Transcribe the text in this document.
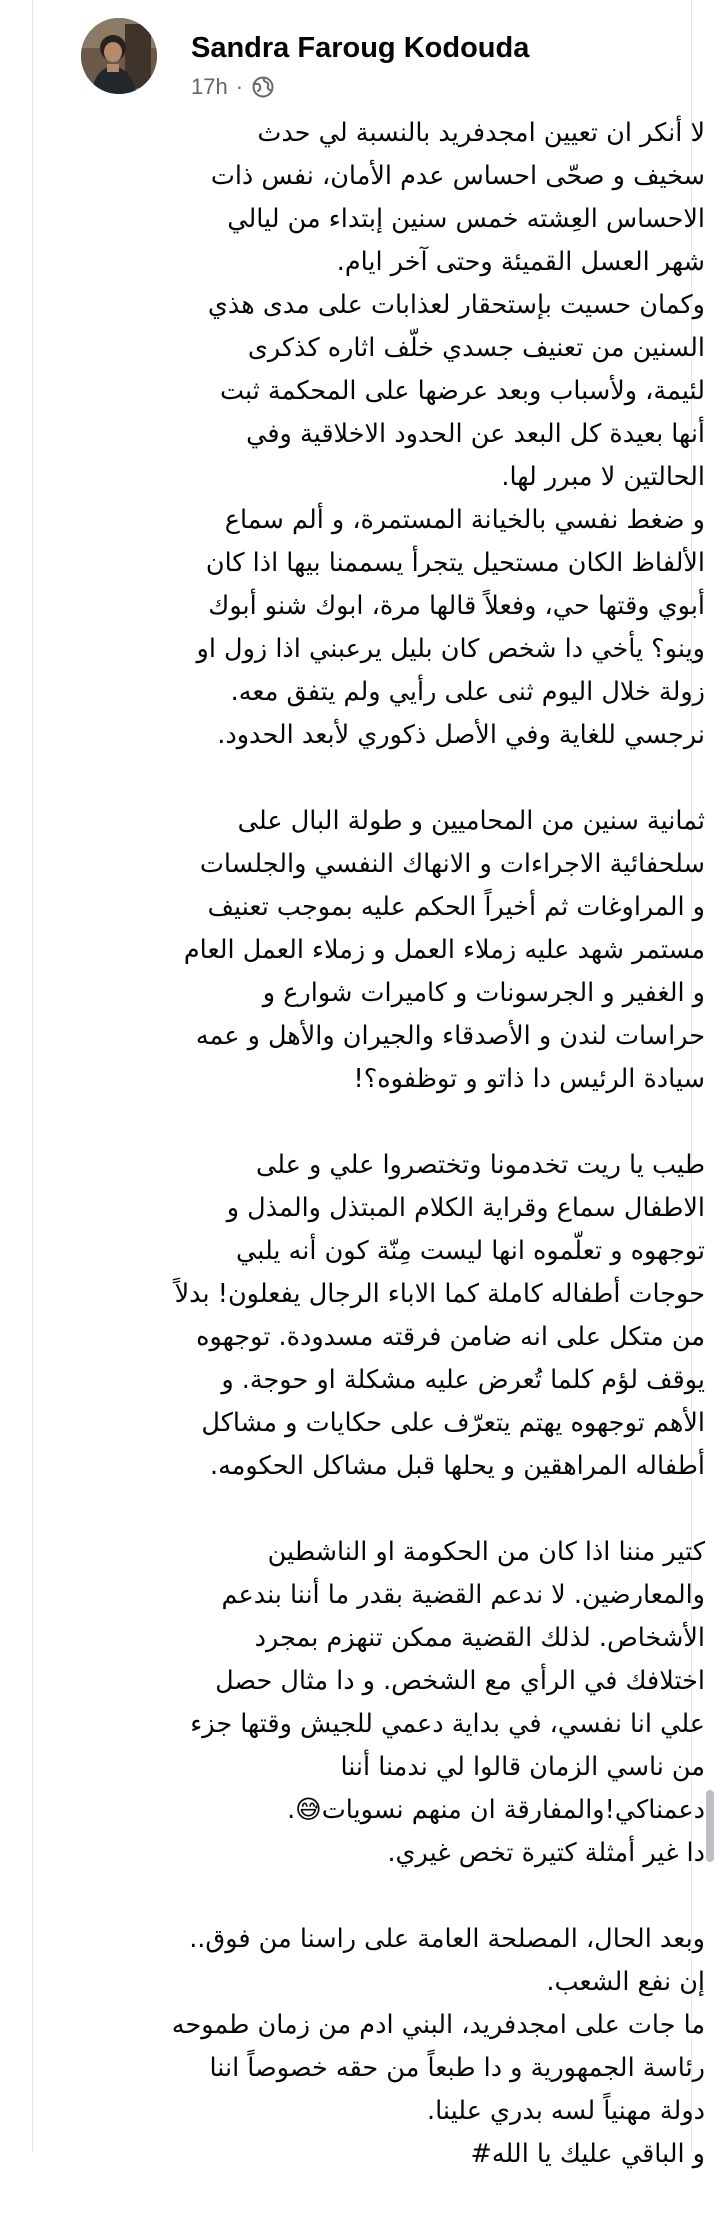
Sandra Faroug Kodouda
17h ·
لا أنكر ان تعيين امجدفريد بالنسبة لي حدث
سخيف و صحّى احساس عدم الأمان، نفس ذات
الاحساس العِشته خمس سنين إبتداء من ليالي
شهر العسل القميئة وحتى آخر ايام.
وكمان حسيت بإستحقار لعذابات على مدى هذي
السنين من تعنيف جسدي خلّف اثاره كذكرى
لئيمة، ولأسباب وبعد عرضها على المحكمة ثبت
أنها بعيدة كل البعد عن الحدود الاخلاقية وفي
الحالتين لا مبرر لها.
و ضغط نفسي بالخيانة المستمرة، و ألم سماع
الألفاظ الكان مستحيل يتجرأ يسممنا بيها اذا كان
أبوي وقتها حي، وفعلاً قالها مرة، ابوك شنو أبوك
وينو؟ يأخي دا شخص كان بليل يرعبني اذا زول او
زولة خلال اليوم ثنى على رأيي ولم يتفق معه.
نرجسي للغاية وفي الأصل ذكوري لأبعد الحدود.
ثمانية سنين من المحاميين و طولة البال على
سلحفائية الاجراءات و الانهاك النفسي والجلسات
و المراوغات ثم أخيراً الحكم عليه بموجب تعنيف
مستمر شهد عليه زملاء العمل و زملاء العمل العام
و الغفير و الجرسونات و كاميرات شوارع و
حراسات لندن و الأصدقاء والجيران والأهل و عمه
سيادة الرئيس دا ذاتو و توظفوه؟!
طيب يا ريت تخدمونا وتختصروا علي و على
الاطفال سماع وقراية الكلام المبتذل والمذل و
توجهوه و تعلّموه انها ليست مِنّة كون أنه يلبي
حوجات أطفاله كاملة كما الاباء الرجال يفعلون! بدلاً
من متكل على انه ضامن فرقته مسدودة. توجهوه
يوقف لؤم كلما تُعرض عليه مشكلة او حوجة. و
الأهم توجهوه يهتم يتعرّف على حكايات و مشاكل
أطفاله المراهقين و يحلها قبل مشاكل الحكومه.
كتير مننا اذا كان من الحكومة او الناشطين
والمعارضين. لا ندعم القضية بقدر ما أننا بندعم
الأشخاص. لذلك القضية ممكن تنهزم بمجرد
اختلافك في الرأي مع الشخص. و دا مثال حصل
علي انا نفسي، في بداية دعمي للجيش وقتها جزء
من ناسي الزمان قالوا لي ندمنا أننا
دعمناكي!والمفارقة ان منهم نسويات😅.
دا غير أمثلة كتيرة تخص غيري.
وبعد الحال، المصلحة العامة على راسنا من فوق..
إن نفع الشعب.
ما جات على امجدفريد، البني ادم من زمان طموحه
رئاسة الجمهورية و دا طبعاً من حقه خصوصاً اننا
دولة مهنياً لسه بدري علينا.
و الباقي عليك يا الله#
